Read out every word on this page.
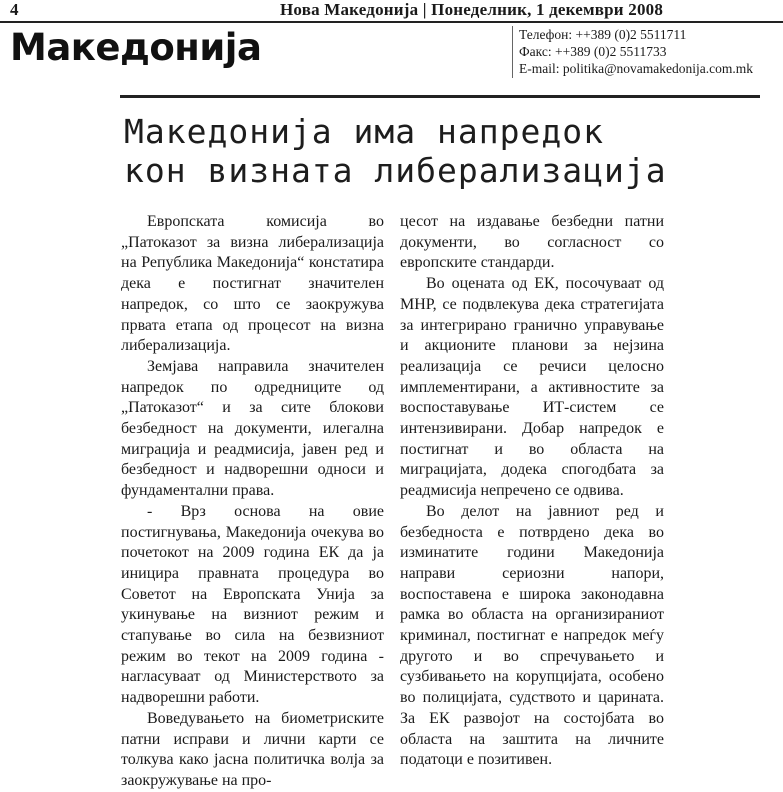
4	Нова Македонија | Понеделник, 1 декември 2008
Македонија	Телефон: ++389 (0)2 5511711
Факс: ++389 (0)2 5511733
E-mail: politika@novamakedonija.com.mk
Македонија има напредок
кон визната либерализација

Европската комисија во „Патоказот за визна либерализација на Република Македонија“ констатира дека е постигнат значителен напредок, со што се заокружува првата етапа од процесот на визна либерализација.

Земјава направила значителен напредок по одредниците од „Патоказот“ и за сите блокови безбедност на документи, илегална миграција и реадмисија, јавен ред и безбедност и надворешни односи и фундаментални права.

- Врз основа на овие постигнувања, Македонија очекува во почетокот на 2009 година ЕК да ја иницира правната процедура во Советот на Европската Унија за укинување на визниот режим и стапување во сила на безвизниот режим во текот на 2009 година - нагласуваат од Министерството за надворешни работи.

Воведувањето на биометриските патни исправи и лични карти се толкува како јасна политичка волја за заокружување на про-

цесот на издавање безбедни патни документи, во согласност со европските стандарди.

Во оцената од ЕК, посочуваат од МНР, се подвлекува дека стратегијата за интегрирано гранично управување и акционите планови за нејзина реализација се речиси целосно имплементирани, а активностите за воспоставување ИТ-систем се интензивирани. Добар напредок е постигнат и во областа на миграцијата, додека спогодбата за реадмисија непречено се одвива.

Во делот на јавниот ред и безбедноста е потврдено дека во изминатите години Македонија направи сериозни напори, воспоставена е широка законодавна рамка во областа на организираниот криминал, постигнат е напредок меѓу другото и во спречувањето и сузбивањето на корупцијата, особено во полицијата, судството и царината. За ЕК развојот на состојбата во областа на заштита на личните податоци е позитивен.
